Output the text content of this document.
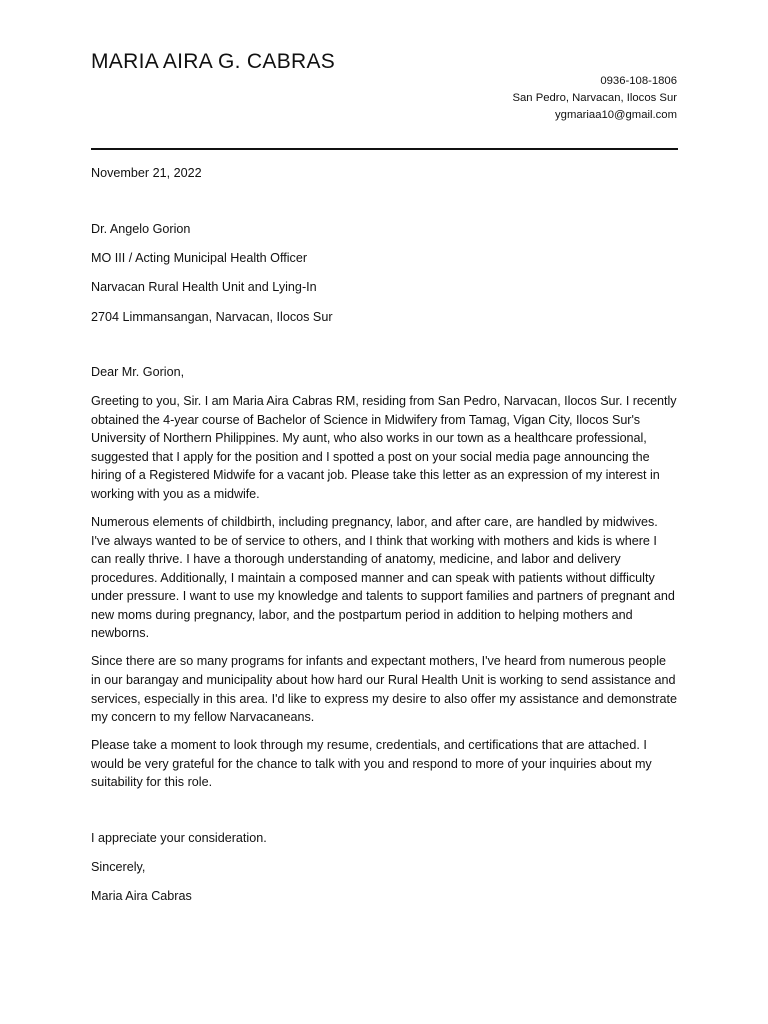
MARIA AIRA G. CABRAS
0936-108-1806
San Pedro, Narvacan, Ilocos Sur
ygmariaa10@gmail.com

November 21, 2022

Dr. Angelo Gorion

MO III / Acting Municipal Health Officer

Narvacan Rural Health Unit and Lying-In

2704 Limmansangan, Narvacan, Ilocos Sur

Dear Mr. Gorion,

Greeting to you, Sir. I am Maria Aira Cabras RM, residing from San Pedro, Narvacan, Ilocos Sur. I recently obtained the 4-year course of Bachelor of Science in Midwifery from Tamag, Vigan City, Ilocos Sur's University of Northern Philippines. My aunt, who also works in our town as a healthcare professional, suggested that I apply for the position and I spotted a post on your social media page announcing the hiring of a Registered Midwife for a vacant job. Please take this letter as an expression of my interest in working with you as a midwife.

Numerous elements of childbirth, including pregnancy, labor, and after care, are handled by midwives. I've always wanted to be of service to others, and I think that working with mothers and kids is where I can really thrive. I have a thorough understanding of anatomy, medicine, and labor and delivery procedures. Additionally, I maintain a composed manner and can speak with patients without difficulty under pressure. I want to use my knowledge and talents to support families and partners of pregnant and new moms during pregnancy, labor, and the postpartum period in addition to helping mothers and newborns.

Since there are so many programs for infants and expectant mothers, I've heard from numerous people in our barangay and municipality about how hard our Rural Health Unit is working to send assistance and services, especially in this area. I'd like to express my desire to also offer my assistance and demonstrate my concern to my fellow Narvacaneans.

Please take a moment to look through my resume, credentials, and certifications that are attached. I would be very grateful for the chance to talk with you and respond to more of your inquiries about my suitability for this role.

I appreciate your consideration.

Sincerely,

Maria Aira Cabras
